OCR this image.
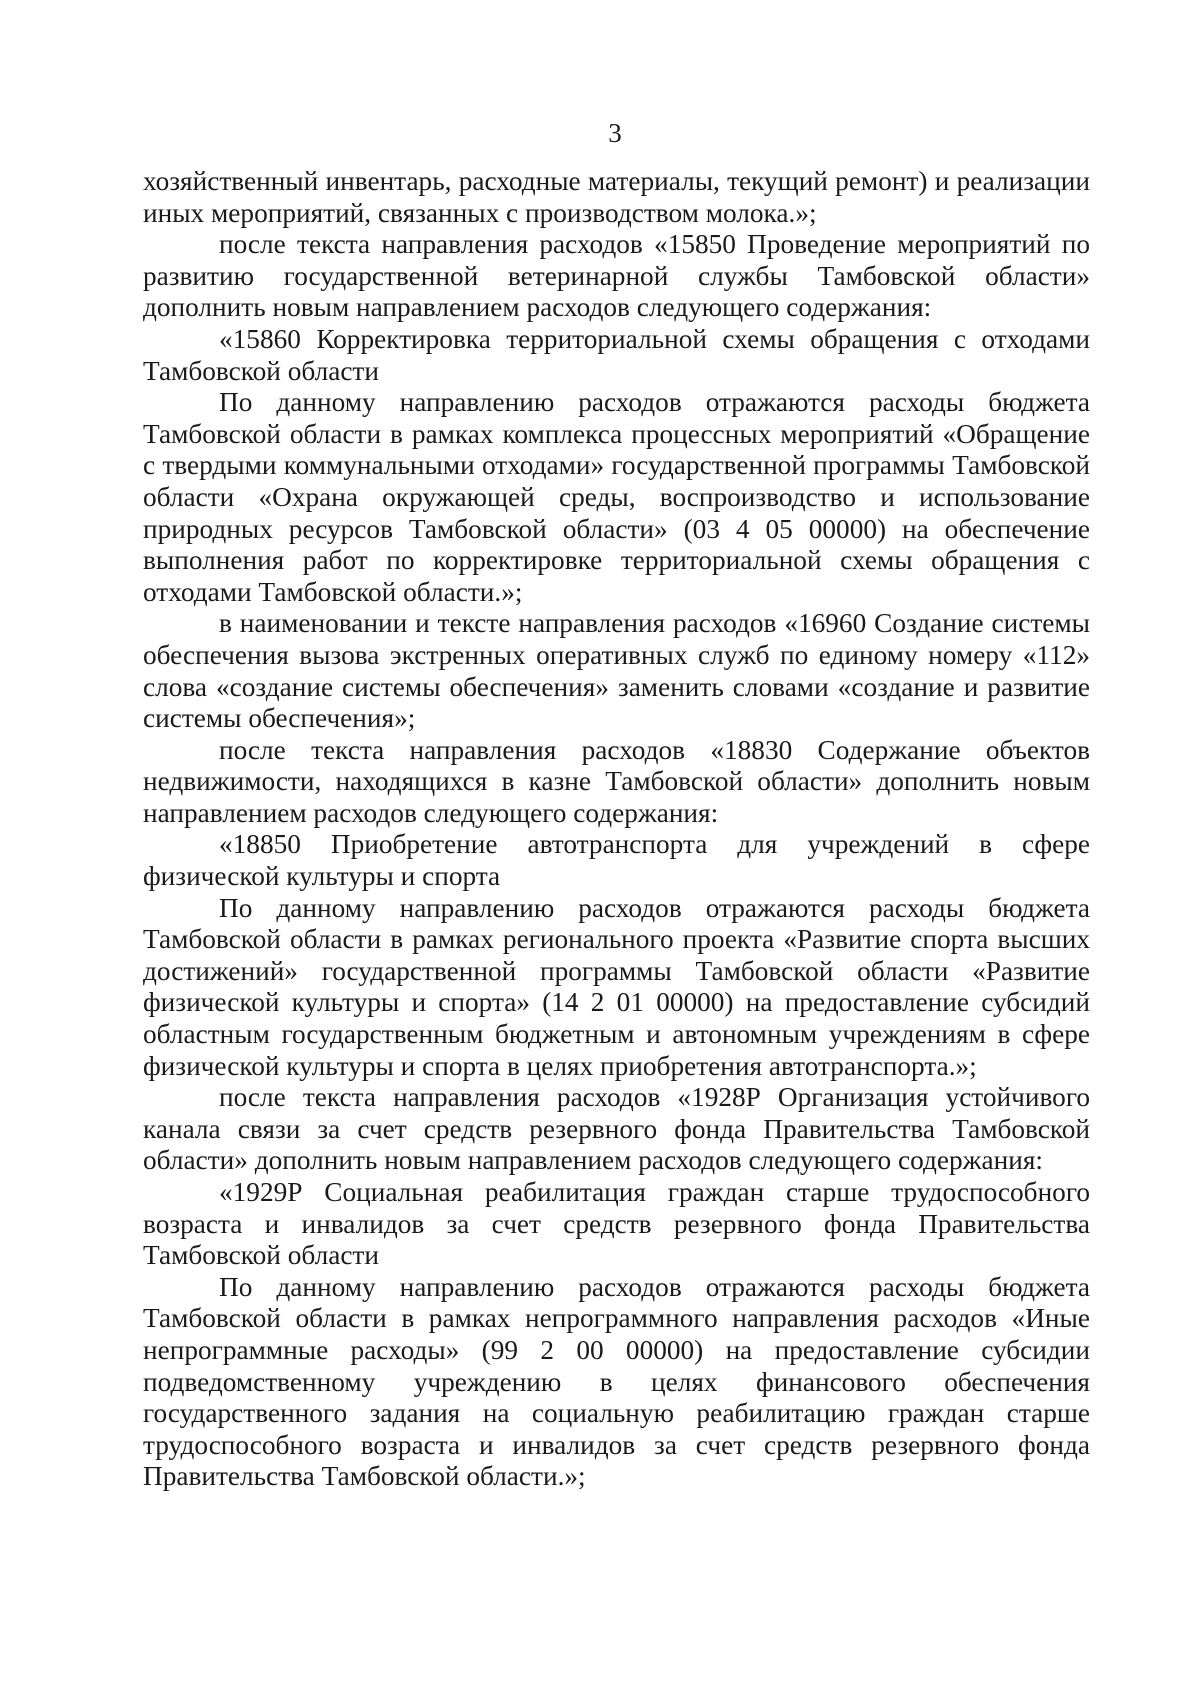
3

хозяйственный инвентарь, расходные материалы, текущий ремонт) и реализации иных мероприятий, связанных с производством молока.»;

после текста направления расходов «15850 Проведение мероприятий по развитию государственной ветеринарной службы Тамбовской области» дополнить новым направлением расходов следующего содержания:

«15860 Корректировка территориальной схемы обращения с отходами Тамбовской области

По данному направлению расходов отражаются расходы бюджета Тамбовской области в рамках комплекса процессных мероприятий «Обращение с твердыми коммунальными отходами» государственной программы Тамбовской области «Охрана окружающей среды, воспроизводство и использование природных ресурсов Тамбовской области» (03 4 05 00000) на обеспечение выполнения работ по корректировке территориальной схемы обращения с отходами Тамбовской области.»;

в наименовании и тексте направления расходов «16960 Создание системы обеспечения вызова экстренных оперативных служб по единому номеру «112» слова «создание системы обеспечения» заменить словами «создание и развитие системы обеспечения»;

после текста направления расходов «18830 Содержание объектов недвижимости, находящихся в казне Тамбовской области» дополнить новым направлением расходов следующего содержания:

«18850 Приобретение автотранспорта для учреждений в сфере физической культуры и спорта

По данному направлению расходов отражаются расходы бюджета Тамбовской области в рамках регионального проекта «Развитие спорта высших достижений» государственной программы Тамбовской области «Развитие физической культуры и спорта» (14 2 01 00000) на предоставление субсидий областным государственным бюджетным и автономным учреждениям в сфере физической культуры и спорта в целях приобретения автотранспорта.»;

после текста направления расходов «1928Р Организация устойчивого канала связи за счет средств резервного фонда Правительства Тамбовской области» дополнить новым направлением расходов следующего содержания:

«1929Р Социальная реабилитация граждан старше трудоспособного возраста и инвалидов за счет средств резервного фонда Правительства Тамбовской области

По данному направлению расходов отражаются расходы бюджета Тамбовской области в рамках непрограммного направления расходов «Иные непрограммные расходы» (99 2 00 00000) на предоставление субсидии подведомственному учреждению в целях финансового обеспечения государственного задания на социальную реабилитацию граждан старше трудоспособного возраста и инвалидов за счет средств резервного фонда Правительства Тамбовской области.»;
